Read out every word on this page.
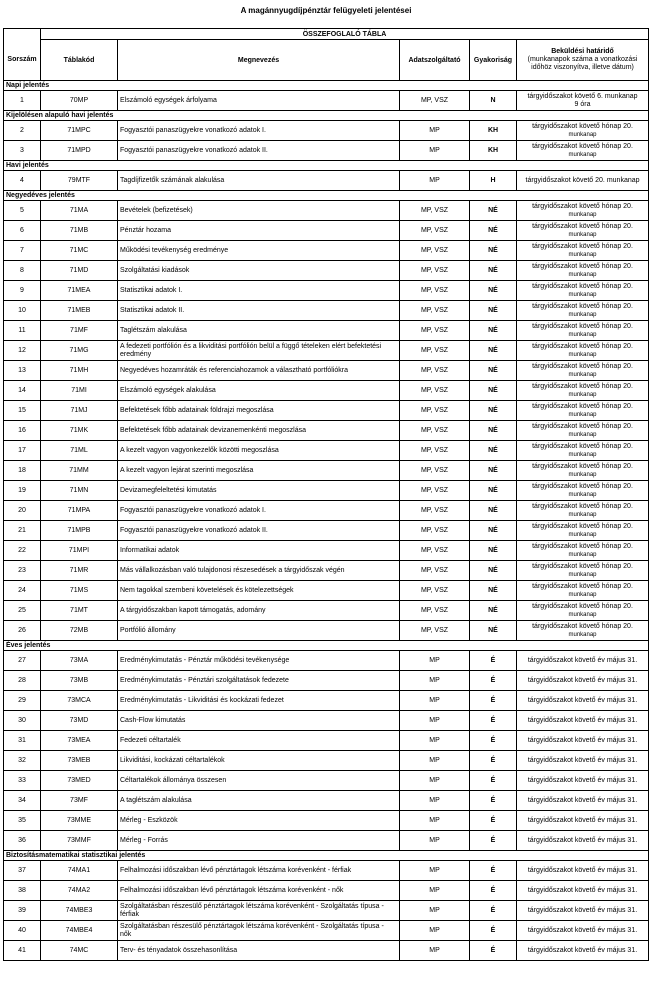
A magánnyugdíjpénztár felügyeleti jelentései
	ÖSSZEFOGLALÓ TÁBLA				
Sorszám	Táblakód	Megnevezés	Adatszolgáltató	Gyakoriság	Beküldési határidő
(munkanapok száma a vonatkozási időhöz viszonyítva, illetve dátum)

Napi jelentés					
1	70MP	Elszámoló egységek árfolyama	MP, VSZ	N	tárgyidőszakot követő 6. munkanap
9 óra

Kijelölésen alapuló havi jelentés					
2	71MPC	Fogyasztói panaszügyekre vonatkozó adatok I.	MP	KH	tárgyidőszakot követő hónap 20.
munkanap

3	71MPD	Fogyasztói panaszügyekre vonatkozó adatok II.	MP	KH	tárgyidőszakot követő hónap 20.
munkanap

Havi jelentés					
4	79MTF	Tagdíjfizetők számának alakulása	MP	H	tárgyidőszakot követő 20. munkanap

Negyedéves jelentés					
5	71MA	Bevételek (befizetések)	MP, VSZ	NÉ	tárgyidőszakot követő hónap 20.
munkanap

6	71MB	Pénztár hozama	MP, VSZ	NÉ	tárgyidőszakot követő hónap 20.
munkanap

7	71MC	Működési tevékenység eredménye	MP, VSZ	NÉ	tárgyidőszakot követő hónap 20.
munkanap

8	71MD	Szolgáltatási kiadások	MP, VSZ	NÉ	tárgyidőszakot követő hónap 20.
munkanap

9	71MEA	Statisztikai adatok I.	MP, VSZ	NÉ	tárgyidőszakot követő hónap 20.
munkanap

10	71MEB	Statisztikai adatok II.	MP, VSZ	NÉ	tárgyidőszakot követő hónap 20.
munkanap

11	71MF	Taglétszám alakulása	MP, VSZ	NÉ	tárgyidőszakot követő hónap 20.
munkanap

12	71MG	A fedezeti portfólión és a likviditási portfólión belül a függő tételeken elért befektetési eredmény	MP, VSZ	NÉ	tárgyidőszakot követő hónap 20.
munkanap

13	71MH	Negyedéves hozamráták és referenciahozamok a választható portfóliókra	MP, VSZ	NÉ	tárgyidőszakot követő hónap 20.
munkanap

14	71MI	Elszámoló egységek alakulása	MP, VSZ	NÉ	tárgyidőszakot követő hónap 20.
munkanap

15	71MJ	Befektetések főbb adatainak földrajzi megoszlása	MP, VSZ	NÉ	tárgyidőszakot követő hónap 20.
munkanap

16	71MK	Befektetések főbb adatainak devizanemenkénti megoszlása	MP, VSZ	NÉ	tárgyidőszakot követő hónap 20.
munkanap

17	71ML	A kezelt vagyon vagyonkezelők közötti megoszlása	MP, VSZ	NÉ	tárgyidőszakot követő hónap 20.
munkanap

18	71MM	A kezelt vagyon lejárat szerinti megoszlása	MP, VSZ	NÉ	tárgyidőszakot követő hónap 20.
munkanap

19	71MN	Devizamegfeleltetési kimutatás	MP, VSZ	NÉ	tárgyidőszakot követő hónap 20.
munkanap

20	71MPA	Fogyasztói panaszügyekre vonatkozó adatok I.	MP, VSZ	NÉ	tárgyidőszakot követő hónap 20.
munkanap

21	71MPB	Fogyasztói panaszügyekre vonatkozó adatok II.	MP, VSZ	NÉ	tárgyidőszakot követő hónap 20.
munkanap

22	71MPI	Informatikai adatok	MP, VSZ	NÉ	tárgyidőszakot követő hónap 20.
munkanap

23	71MR	Más vállalkozásban való tulajdonosi részesedések a tárgyidőszak végén	MP, VSZ	NÉ	tárgyidőszakot követő hónap 20.
munkanap

24	71MS	Nem tagokkal szembeni követelések és kötelezettségek	MP, VSZ	NÉ	tárgyidőszakot követő hónap 20.
munkanap

25	71MT	A tárgyidőszakban kapott támogatás, adomány	MP, VSZ	NÉ	tárgyidőszakot követő hónap 20.
munkanap

26	72MB	Portfólió állomány	MP, VSZ	NÉ	tárgyidőszakot követő hónap 20.
munkanap

Éves jelentés					
27	73MA	Eredménykimutatás - Pénztár működési tevékenysége	MP	É	tárgyidőszakot követő év május 31.

28	73MB	Eredménykimutatás - Pénztári szolgáltatások fedezete	MP	É	tárgyidőszakot követő év május 31.

29	73MCA	Eredménykimutatás - Likviditási és kockázati fedezet	MP	É	tárgyidőszakot követő év május 31.

30	73MD	Cash-Flow kimutatás	MP	É	tárgyidőszakot követő év május 31.

31	73MEA	Fedezeti céltartalék	MP	É	tárgyidőszakot követő év május 31.

32	73MEB	Likviditási, kockázati céltartalékok	MP	É	tárgyidőszakot követő év május 31.

33	73MED	Céltartalékok állománya összesen	MP	É	tárgyidőszakot követő év május 31.

34	73MF	A taglétszám alakulása	MP	É	tárgyidőszakot követő év május 31.

35	73MME	Mérleg - Eszközök	MP	É	tárgyidőszakot követő év május 31.

36	73MMF	Mérleg - Forrás	MP	É	tárgyidőszakot követő év május 31.

Biztosításmatematikai statisztikai jelentés					
37	74MA1	Felhalmozási időszakban lévő pénztártagok létszáma korévenként - férfiak	MP	É	tárgyidőszakot követő év május 31.

38	74MA2	Felhalmozási időszakban lévő pénztártagok létszáma korévenként - nők	MP	É	tárgyidőszakot követő év május 31.

39	74MBE3	Szolgáltatásban részesülő pénztártagok létszáma korévenként - Szolgáltatás típusa - férfiak	MP	É	tárgyidőszakot követő év május 31.

40	74MBE4	Szolgáltatásban részesülő pénztártagok létszáma korévenként - Szolgáltatás típusa - nők	MP	É	tárgyidőszakot követő év május 31.

41	74MC	Terv- és tényadatok összehasonlítása	MP	É	tárgyidőszakot követő év május 31.
